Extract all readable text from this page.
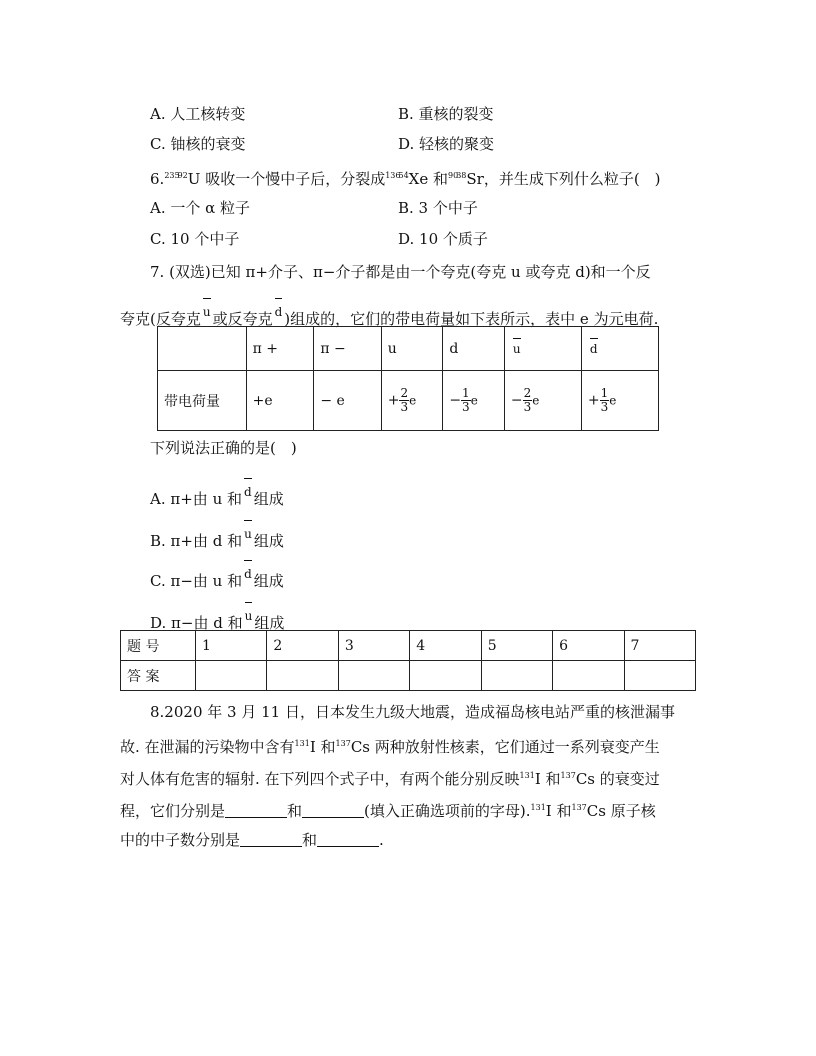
A. 人工核转变	B. 重核的裂变
C. 铀核的衰变	D. 轻核的聚变
6.$^{23592}$U 吸收一个慢中子后，分裂成$^{13654}$Xe 和$^{9038}$Sr，并生成下列什么粒子(　)
A. 一个 α 粒子	B. 3 个中子
C. 10 个中子	D. 10 个质子
7. (双选)已知 π+介子、π−介子都是由一个夸克(夸克 u 或夸克 d)和一个反
夸克(反夸克 u 或反夸克 d )组成的，它们的带电荷量如下表所示，表中 e 为元电荷.
	π +	π −	u	d	u	d
带电荷量	+e	− e	+ $\frac{2}{3}$ e	− $\frac{1}{3}$ e	− $\frac{2}{3}$ e	+ $\frac{1}{3}$ e
下列说法正确的是(　)
A. π+由 u 和 d 组成
B. π+由 d 和 u 组成
C. π−由 u 和 d 组成
D. π−由 d 和 u 组成
题 号	1	2	3	4	5	6	7
答 案							
8.2020 年 3 月 11 日，日本发生九级大地震，造成福岛核电站严重的核泄漏事
故. 在泄漏的污染物中含有$^{131}$I 和$^{137}$Cs 两种放射性核素，它们通过一系列衰变产生
对人体有危害的辐射. 在下列四个式子中，有两个能分别反映$^{131}$I 和$^{137}$Cs 的衰变过
程，它们分别是	和	(填入正确选项前的字母).$^{131}$I 和$^{137}$Cs 原子核
中的中子数分别是	和	.
